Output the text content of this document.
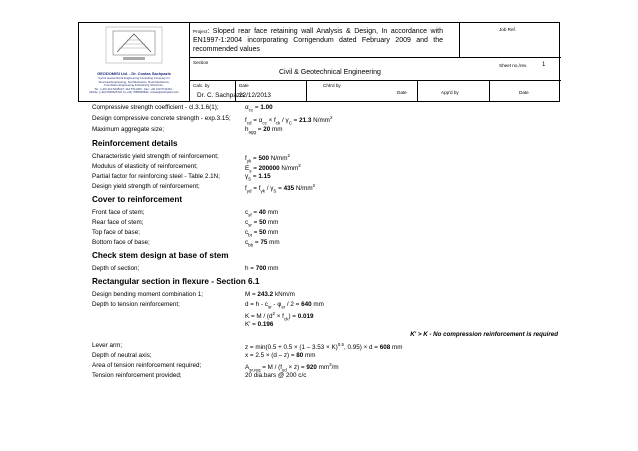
GEODOMISI Ltd. - Dr. Costas Sachpazis
Civil & Geotechnical Engineering Consulting Company for
Structural Engineering, Soil Mechanics, Rock Mechanics,
Foundation Engineering & Retaining Structures.
Tel.: (+30) 210 5238127, 210 5711263 - Fax.:+30 210 5711461 -
Mobile: (+30) 6936425722 & (+44) 7585939944, costas@sachpazis.info
Project: Sloped rear face retaining wall Analysis & Design, In accordance with EN1997-1:2004 incorporating Corrigendum dated February 2009 and the recommended values
Job Ref.
Section
Civil & Geotechnical Engineering
Sheet no./rev. 1
Calc. by
Dr. C. Sachpazis
Date
22/12/2013
Chk'd by
Date	App'd by	Date
Compressive strength coefficient - cl.3.1.6(1);	$\alpha_{cc} = 1.00$
Design compressive concrete strength - exp.3.15; $f_{cd} = \alpha_{cc} \times f_{ck} / \gamma_C = 21.3$ $N/mm^2$
Maximum aggregate size;	$h_{agg} = 20$ mm
Reinforcement details
Characteristic yield strength of reinforcement;	$f_{yk} = 500$ $N/mm^2$
Modulus of elasticity of reinforcement;	$E_s = 200000$ $N/mm^2$
Partial factor for reinforcing steel - Table 2.1N;	$\gamma_S = 1.15$
Design yield strength of reinforcement;	$f_{yd} = f_{yk} / \gamma_S = 435$ $N/mm^2$
Cover to reinforcement
Front face of stem;	$c_{sf} = 40$ mm
Rear face of stem;	$c_{sr} = 50$ mm
Top face of base;	$c_{bt} = 50$ mm
Bottom face of base;	$c_{bb} = 75$ mm
Check stem design at base of stem
Depth of section;	h = 700 mm
Rectangular section in flexure - Section 6.1
Design bending moment combination 1;	M = 243.2 kNm/m
Depth to tension reinforcement;	$d = h - c_{sr} - \varphi_{sr} / 2 = 640$ mm
$K = M / (d^2 \times f_{ck}) = 0.019$
K' = 0.196
K' > K - No compression reinforcement is required
Lever arm;	$z = \min(0.5 + 0.5 \times (1 - 3.53 \times K)^{0.5}$, 0.95) × d = 608 mm
Depth of neutral axis;	x = 2.5 × (d – z) = 80 mm
Area of tension reinforcement required;	$A_{sr.req} = M / (f_{yd} \times z) = 920$ $mm^2/m$
Tension reinforcement provided;	20 dia.bars @ 200 c/c
